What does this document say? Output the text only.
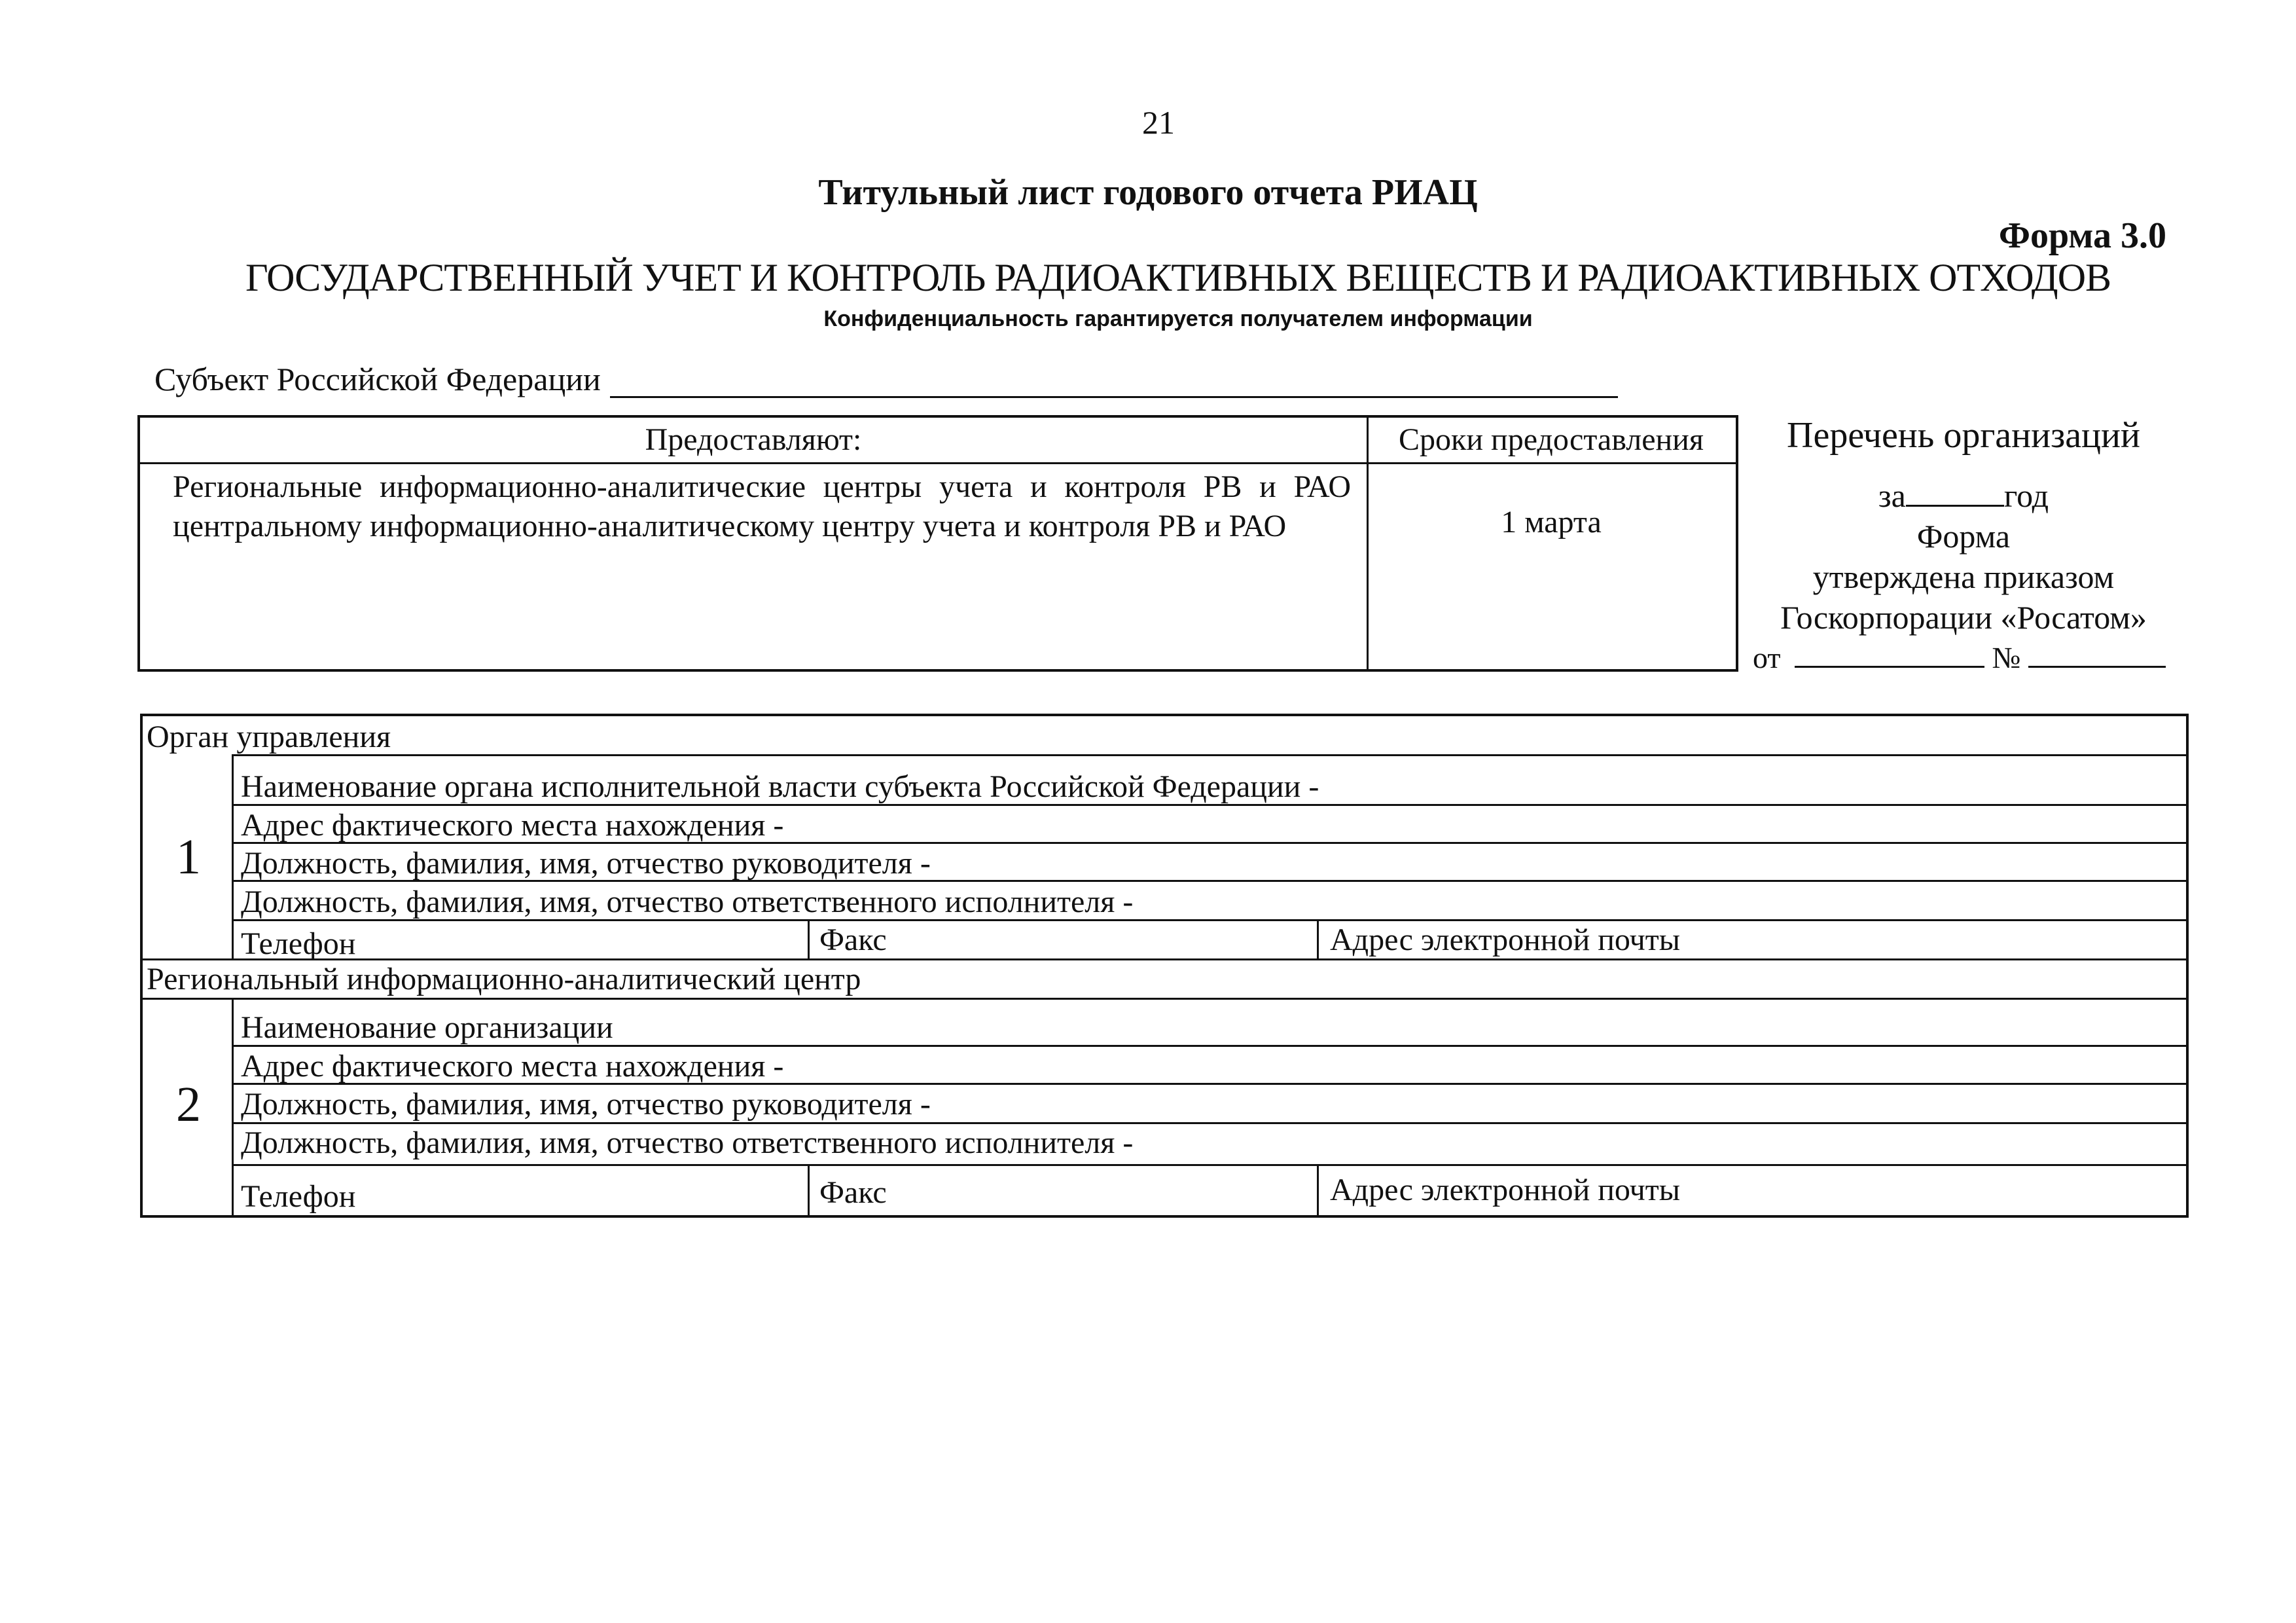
21
Титульный лист годового отчета РИАЦ
Форма 3.0
ГОСУДАРСТВЕННЫЙ УЧЕТ И КОНТРОЛЬ РАДИОАКТИВНЫХ ВЕЩЕСТВ И РАДИОАКТИВНЫХ ОТХОДОВ
Конфиденциальность гарантируется получателем информации
Субъект Российской Федерации
Предоставляют:	Сроки предоставления
Региональные информационно-аналитические центры учета и контроля РВ и РАО центральному информационно-аналитическому центру учета и контроля РВ и РАО	1 марта
Перечень организаций
за	год
Форма
утверждена приказом
Госкорпорации «Росатом»
от	№
Орган управления
1
Наименование органа исполнительной власти субъекта Российской Федерации -
Адрес фактического места нахождения -
Должность, фамилия, имя, отчество руководителя -
Должность, фамилия, имя, отчество ответственного исполнителя -
Телефон	Факс	Адрес электронной почты
Региональный информационно-аналитический центр
2
Наименование организации
Адрес фактического места нахождения -
Должность, фамилия, имя, отчество руководителя -
Должность, фамилия, имя, отчество ответственного исполнителя -
Телефон	Факс	Адрес электронной почты
